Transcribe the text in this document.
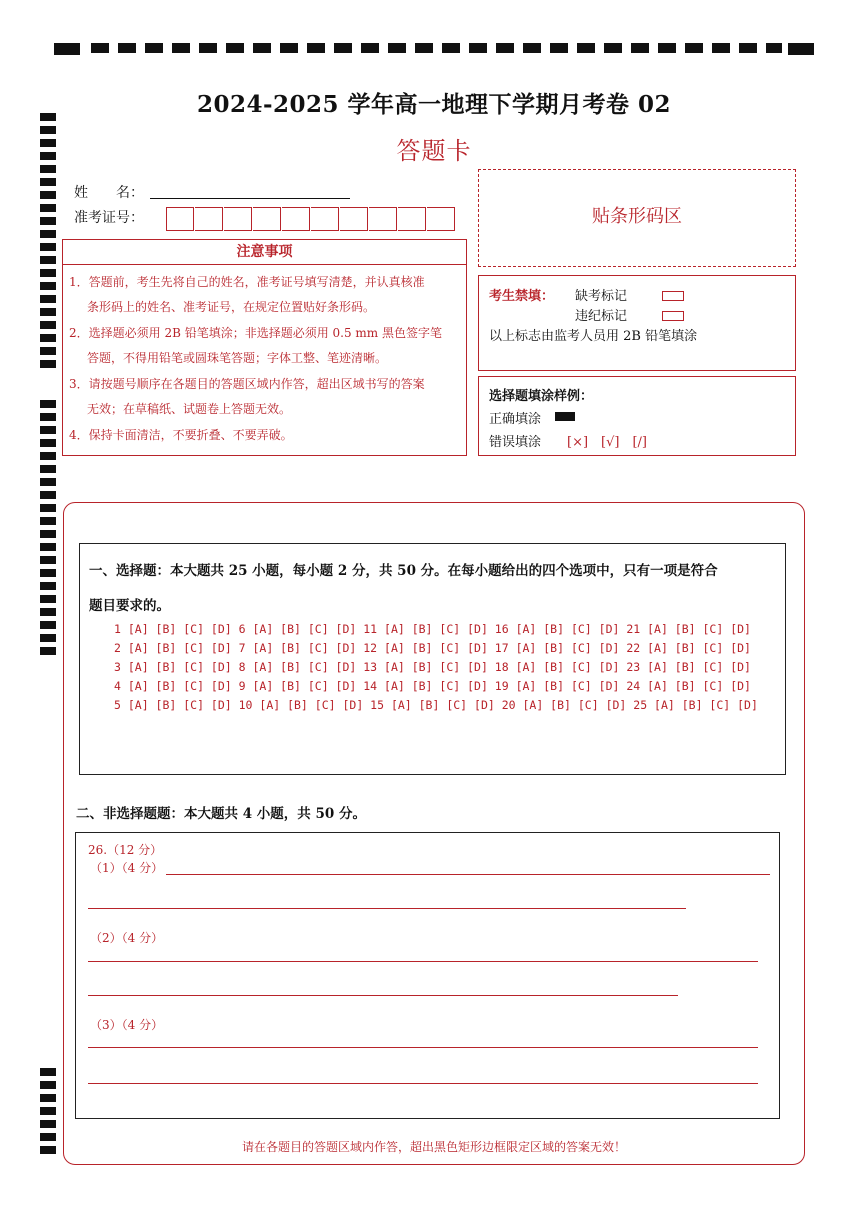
2024-2025 学年高一地理下学期月考卷 02
答题卡
姓　　名：
准考证号：
注意事项
1．答题前，考生先将自己的姓名，准考证号填写清楚，并认真核准
条形码上的姓名、准考证号，在规定位置贴好条形码。
2．选择题必须用 2B 铅笔填涂；非选择题必须用 0.5 mm 黑色签字笔
答题，不得用铅笔或圆珠笔答题；字体工整、笔迹清晰。
3．请按题号顺序在各题目的答题区域内作答，超出区域书写的答案
无效；在草稿纸、试题卷上答题无效。
4．保持卡面清洁，不要折叠、不要弄破。
贴条形码区
考生禁填： 缺考标记
违纪标记
以上标志由监考人员用 2B 铅笔填涂
选择题填涂样例：
正确填涂
错误填涂 [×]　[√]　[/]
一、选择题：本大题共 25 小题，每小题 2 分，共 50 分。在每小题给出的四个选项中，只有一项是符合
题目要求的。
1 [A] [B] [C] [D] 6 [A] [B] [C] [D] 11 [A] [B] [C] [D] 16 [A] [B] [C] [D] 21 [A] [B] [C] [D]
2 [A] [B] [C] [D] 7 [A] [B] [C] [D] 12 [A] [B] [C] [D] 17 [A] [B] [C] [D] 22 [A] [B] [C] [D]
3 [A] [B] [C] [D] 8 [A] [B] [C] [D] 13 [A] [B] [C] [D] 18 [A] [B] [C] [D] 23 [A] [B] [C] [D]
4 [A] [B] [C] [D] 9 [A] [B] [C] [D] 14 [A] [B] [C] [D] 19 [A] [B] [C] [D] 24 [A] [B] [C] [D]
5 [A] [B] [C] [D] 10 [A] [B] [C] [D] 15 [A] [B] [C] [D] 20 [A] [B] [C] [D] 25 [A] [B] [C] [D]
二、非选择题题：本大题共 4 小题，共 50 分。
26.（12 分）
（1）（4 分）
（2）（4 分）
（3）（4 分）
请在各题目的答题区域内作答，超出黑色矩形边框限定区域的答案无效！
